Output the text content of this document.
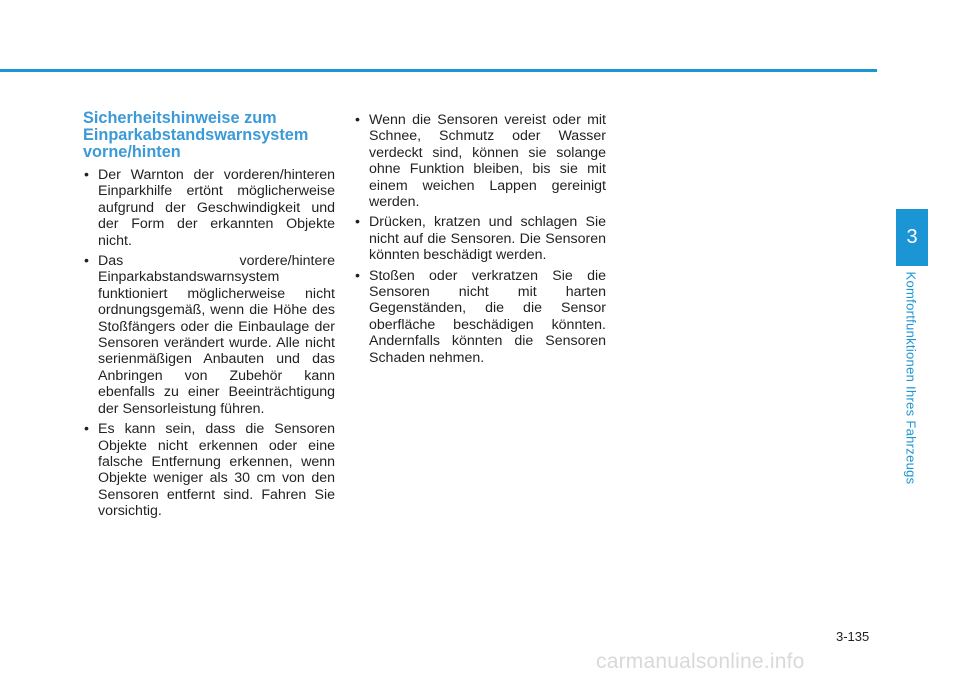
Sicherheitshinweise zum Einparkabstandswarnsystem vorne/hinten
• Der Warnton der vorderen/hinteren Einparkhilfe ertönt möglicherweise aufgrund der Geschwindigkeit und der Form der erkannten Objekte nicht.
• Das vordere/hintere Einparkabstandswarnsystem funktioniert möglicherweise nicht ordnungsgemäß, wenn die Höhe des Stoßfängers oder die Einbaulage der Sensoren verändert wurde. Alle nicht serienmäßigen Anbauten und das Anbringen von Zubehör kann ebenfalls zu einer Beeinträchtigung der Sensorleistung führen.
• Es kann sein, dass die Sensoren Objekte nicht erkennen oder eine falsche Entfernung erkennen, wenn Objekte weniger als 30 cm von den Sensoren entfernt sind. Fahren Sie vorsichtig.
• Wenn die Sensoren vereist oder mit Schnee, Schmutz oder Wasser verdeckt sind, können sie solange ohne Funktion bleiben, bis sie mit einem weichen Lappen gereinigt werden.
• Drücken, kratzen und schlagen Sie nicht auf die Sensoren. Die Sensoren könnten beschädigt werden.
• Stoßen oder verkratzen Sie die Sensoren nicht mit harten Gegenständen, die die Sensor oberfläche beschädigen könnten. Andernfalls könnten die Sensoren Schaden nehmen.
3
Komfortfunktionen Ihres Fahrzeugs
3-135
carmanualsonline.info
